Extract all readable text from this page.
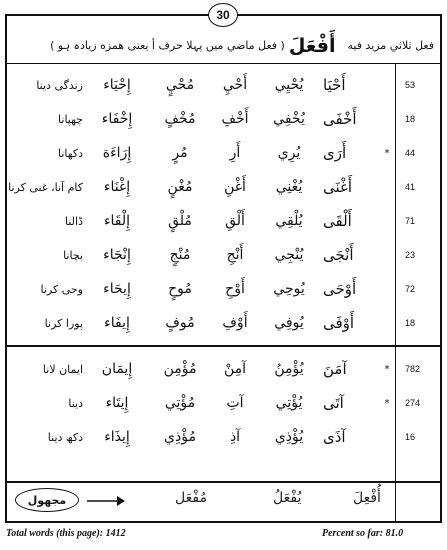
30
فعل ثلاثي مزيد فيه
أَفْعَلَ
( فعل ماضي میں پہلا حرف أ یعنی همزه زیادہ ہو )
زندگی دینا	إِحْيَاء	مُحْيٍ	أَحْيِ	يُحْيِي	أَحْيَا	53
چھپانا	إِخْفَاء	مُخْفٍ	أَخْفِ	يُخْفِي	أَخْفَى	18
دکھانا	إِرَاءَة	مُرٍ	أَرِ	يُرِي	أَرَى	44
*
کام آنا، غنی کرنا	إِغْنَاء	مُغْنٍ	أَغْنِ	يُغْنِي	أَغْنَى	41
ڈالنا	إِلْقَاء	مُلْقٍ	أَلْقِ	يُلْقِي	أَلْقَى	71
بچانا	إِنْجَاء	مُنْجٍ	أَنْجِ	يُنْجِي	أَنْجَى	23
وحی کرنا	إِيحَاء	مُوحٍ	أَوْحِ	يُوحِي	أَوْحَى	72
پورا کرنا	إِيفَاء	مُوفٍ	أَوْفِ	يُوفِي	أَوْفَى	18
ایمان لانا	إِيمَان	مُؤْمِن	آمِنْ	يُؤْمِنُ	آمَنَ	782
*
دینا	إِيتَاء	مُؤْتِي	آتِ	يُؤْتِي	آتَى	274
*
دکھ دینا	إِيذَاء	مُؤْذِي	آذِ	يُؤْذِي	آذَى	16
مجهول	مُفْعَل	يُفْعَلُ	أُفْعِلَ
Total words (this page): 1412	Percent so far: 81.0
